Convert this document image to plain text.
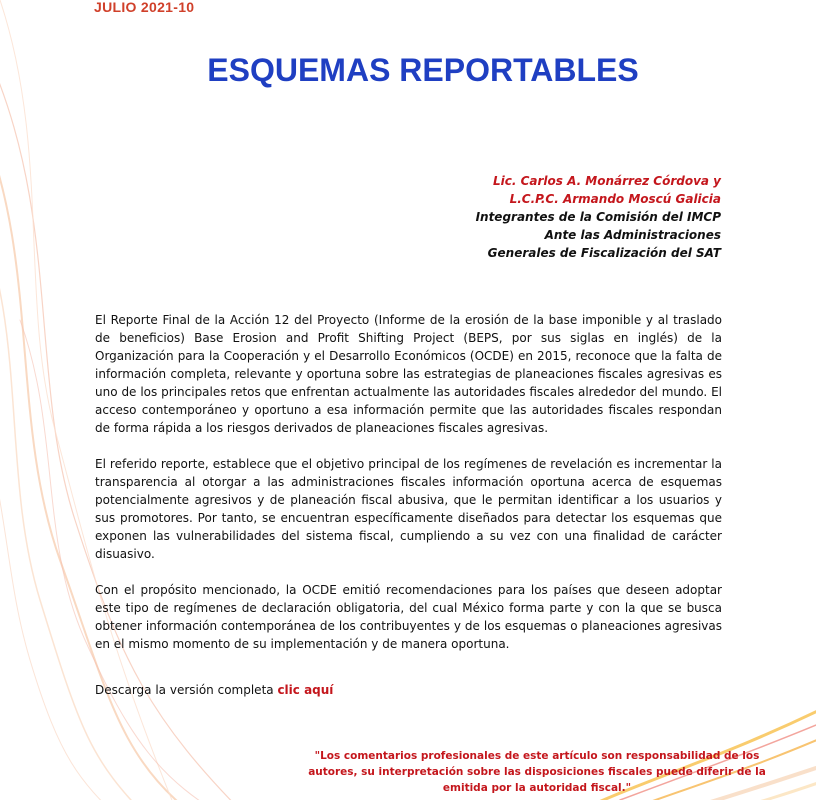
JULIO 2021-10
ESQUEMAS REPORTABLES
Lic. Carlos A. Monárrez Córdova y
L.C.P.C. Armando Moscú Galicia
Integrantes de la Comisión del IMCP
Ante las Administraciones
Generales de Fiscalización del SAT

El Reporte Final de la Acción 12 del Proyecto (Informe de la erosión de la base imponible y al traslado de beneficios) Base Erosion and Profit Shifting Project (BEPS, por sus siglas en inglés) de la Organización para la Cooperación y el Desarrollo Económicos (OCDE) en 2015, reconoce que la falta de información completa, relevante y oportuna sobre las estrategias de planeaciones fiscales agresivas es uno de los principales retos que enfrentan actualmente las autoridades fiscales alrededor del mundo. El acceso contemporáneo y oportuno a esa información permite que las autoridades fiscales respondan de forma rápida a los riesgos derivados de planeaciones fiscales agresivas.

El referido reporte, establece que el objetivo principal de los regímenes de revelación es incrementar la transparencia al otorgar a las administraciones fiscales información oportuna acerca de esquemas potencialmente agresivos y de planeación fiscal abusiva, que le permitan identificar a los usuarios y sus promotores. Por tanto, se encuentran específicamente diseñados para detectar los esquemas que exponen las vulnerabilidades del sistema fiscal, cumpliendo a su vez con una finalidad de carácter disuasivo.

Con el propósito mencionado, la OCDE emitió recomendaciones para los países que deseen adoptar este tipo de regímenes de declaración obligatoria, del cual México forma parte y con la que se busca obtener información contemporánea de los contribuyentes y de los esquemas o planeaciones agresivas en el mismo momento de su implementación y de manera oportuna.

Descarga la versión completa clic aquí
"Los comentarios profesionales de este artículo son responsabilidad de los autores, su interpretación sobre las disposiciones fiscales puede diferir de la emitida por la autoridad fiscal."
